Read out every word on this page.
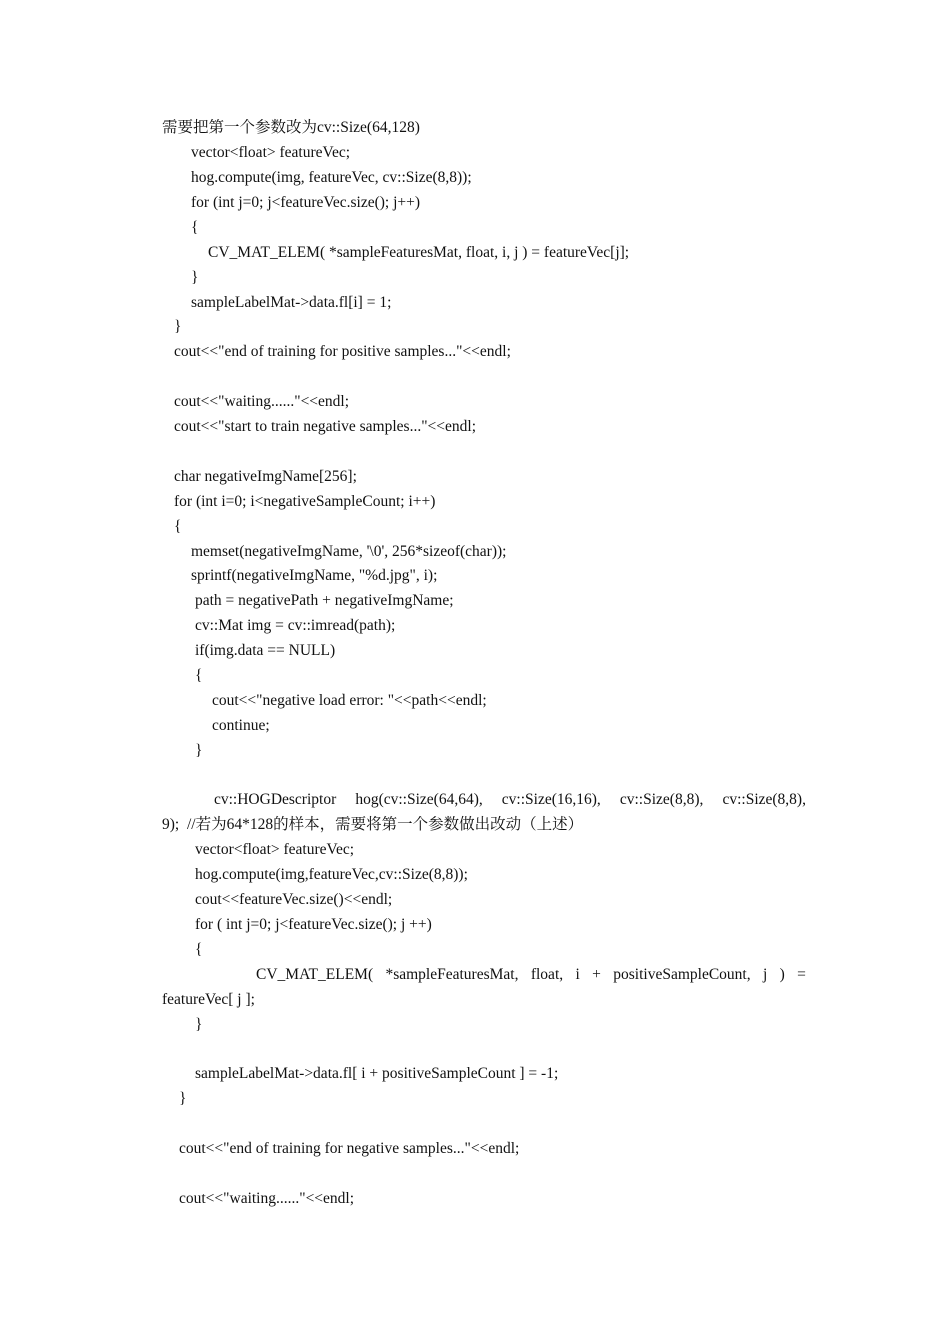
需要把第一个参数改为cv::Size(64,128)
vector<float> featureVec;
hog.compute(img, featureVec, cv::Size(8,8));
for (int j=0; j<featureVec.size(); j++)
{
CV_MAT_ELEM( *sampleFeaturesMat, float, i, j ) = featureVec[j];
}
sampleLabelMat->data.fl[i] = 1;
}
cout<<"end of training for positive samples..."<<endl;
cout<<"waiting......"<<endl;
cout<<"start to train negative samples..."<<endl;
char negativeImgName[256];
for (int i=0; i<negativeSampleCount; i++)
{
memset(negativeImgName, '\0', 256*sizeof(char));
sprintf(negativeImgName, "%d.jpg", i);
path = negativePath + negativeImgName;
cv::Mat img = cv::imread(path);
if(img.data == NULL)
{
cout<<"negative load error: "<<path<<endl;
continue;
}
cv::HOGDescriptor hog(cv::Size(64,64), cv::Size(16,16), cv::Size(8,8), cv::Size(8,8),
9);  //若为64*128的样本，需要将第一个参数做出改动（上述）
vector<float> featureVec;
hog.compute(img,featureVec,cv::Size(8,8));
cout<<featureVec.size()<<endl;
for ( int j=0; j<featureVec.size(); j ++)
{
CV_MAT_ELEM( *sampleFeaturesMat, float, i + positiveSampleCount, j ) =
featureVec[ j ];
}
sampleLabelMat->data.fl[ i + positiveSampleCount ] = -1;
}
cout<<"end of training for negative samples..."<<endl;
cout<<"waiting......"<<endl;
